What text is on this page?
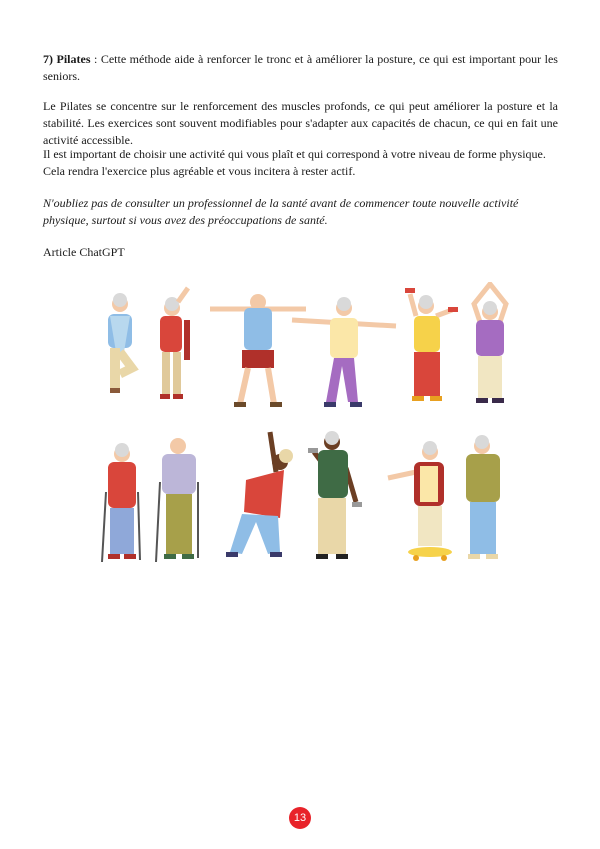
7) Pilates : Cette méthode aide à renforcer le tronc et à améliorer la posture, ce qui est important pour les seniors.

Le Pilates se concentre sur le renforcement des muscles profonds, ce qui peut améliorer la posture et la stabilité. Les exercices sont souvent modifiables pour s'adapter aux capacités de chacun, ce qui en fait une activité accessible.

Il est important de choisir une activité qui vous plaît et qui correspond à votre niveau de forme physique.

Cela rendra l'exercice plus agréable et vous incitera à rester actif.

N'oubliez pas de consulter un professionnel de la santé avant de commencer toute nouvelle activité physique, surtout si vous avez des préoccupations de santé.

Article ChatGPT

13
